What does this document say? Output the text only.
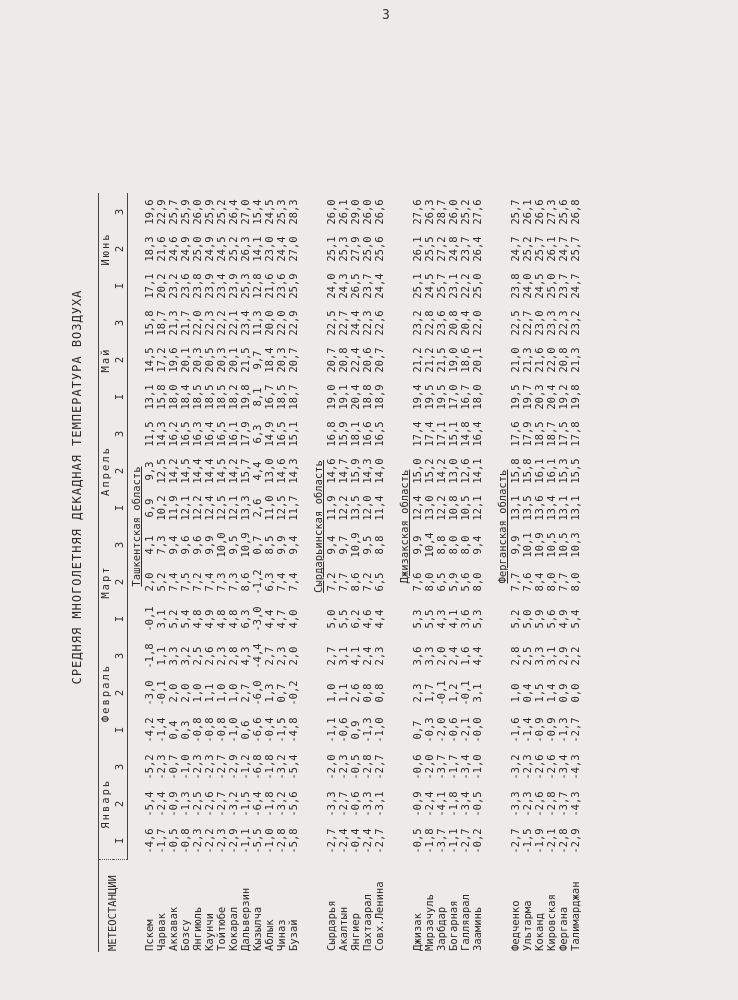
3
СРЕДНЯЯ МНОГОЛЕТНЯЯ ДЕКАДНАЯ ТЕМПЕРАТУРА ВОЗДУХА
МЕТЕОСТАНЦИИ	Январь			Февраль			Март			Апрель			Май			Июнь		
	I	2	3	I	2	3	I	2	3	I	2	3	I	2	3	I	2	3
	Ташкентская область																	
Пскем	-4,6	-5,4	-5,2	-4,2	-3,0	-1,8	-0,1	2,0	4,1	6,9	9,3	11,5	13,1	14,5	15,8	17,1	18,3	19,6
Чарвак	-1,7	-2,4	-2,3	-1,4	-0,1	1,1	3,1	5,2	7,3	10,2	12,5	14,3	15,8	17,2	18,7	20,2	21,6	22,9
Аккавак	-0,5	-0,9	-0,7	0,4	2,0	3,3	5,2	7,4	9,4	11,9	14,2	16,2	18,0	19,6	21,3	23,2	24,6	25,7
Бозсу	-0,8	-1,3	-1,0	0,3	2,0	3,2	5,4	7,5	9,6	12,1	14,5	16,5	18,4	20,1	21,7	23,6	24,9	25,9
Янгиюль	-2,3	-2,5	-2,3	-0,8	1,0	2,5	4,8	7,2	9,6	12,2	14,4	16,3	18,5	20,3	22,0	23,8	25,0	26,0
Каунчи	-2,2	-2,6	-2,3	-0,8	1,1	2,6	4,9	7,4	9,9	12,4	14,4	16,4	18,5	20,5	22,3	23,9	24,9	25,9
Тойтюбе	-2,3	-2,7	-2,7	-0,8	1,0	2,3	4,8	7,3	10,0	12,5	14,5	16,5	18,5	20,3	22,2	23,4	24,5	25,2
Кокарал	-2,9	-3,2	-2,9	-1,0	1,0	2,8	4,8	7,3	9,5	12,1	14,2	16,1	18,2	20,1	22,1	23,9	25,2	26,4
Дальверзин	-1,1	-1,5	-1,2	0,6	2,7	4,3	6,3	8,6	10,9	13,3	15,7	17,9	19,8	21,5	23,4	25,3	26,3	27,0
Кызылча	-5,5	-6,4	-6,8	-6,6	-6,0	-4,4	-3,0	-1,2	0,7	2,6	4,4	6,3	8,1	9,7	11,3	12,8	14,1	15,4
Аблык	-1,0	-1,8	-1,8	-0,4	1,3	2,7	4,4	6,3	8,5	11,0	13,0	14,9	16,7	18,4	20,0	21,6	23,0	24,5
Чиназ	-2,8	-3,2	-3,2	-1,5	0,7	2,3	4,7	7,4	9,9	12,5	14,6	16,5	18,5	20,3	22,0	23,6	24,4	25,3
Бузай	-5,8	-5,6	-5,4	-4,8	-0,2	2,0	4,0	7,4	9,4	11,7	14,3	15,1	18,7	20,7	22,9	25,9	27,0	28,3

	Сырдарьинская область																	
Сырдарья	-2,7	-3,3	-2,0	-1,1	1,0	2,7	5,0	7,2	9,4	11,9	14,6	16,8	19,0	20,7	22,5	24,0	25,1	26,0
Акалтын	-2,4	-2,7	-2,3	-0,6	1,1	3,1	5,5	7,7	9,7	12,2	14,7	15,9	19,1	20,8	22,7	24,3	25,3	26,1
Янгиер	-0,4	-0,6	-0,5	0,9	2,6	4,1	6,2	8,6	10,9	13,5	15,9	18,1	20,4	22,4	24,4	26,5	27,9	29,0
Пахтаарал	-2,4	-3,3	-2,8	-1,3	0,8	2,4	4,6	7,2	9,5	12,0	14,3	16,6	18,8	20,6	22,3	23,7	25,0	26,0
Совх.Ленина	-2,7	-3,1	-2,7	-1,0	0,8	2,3	4,4	6,5	8,8	11,4	14,0	16,5	18,9	20,7	22,6	24,4	25,6	26,6

	Джизакская область																	
Джизак	-0,5	-0,9	-0,6	0,7	2,3	3,6	5,3	7,6	9,9	12,4	15,0	17,4	19,4	21,2	23,2	25,1	26,1	27,6
Мирзачуль	-1,8	-2,4	-2,0	-0,3	1,7	3,3	5,5	8,0	10,4	13,0	15,2	17,4	19,5	21,2	22,8	24,5	25,5	26,3
Зарбдар	-3,7	-4,1	-3,7	-2,0	-0,1	2,0	4,3	6,5	8,8	12,2	14,2	17,1	19,5	21,5	23,6	25,7	27,2	28,7
Богарная	-1,1	-1,8	-1,7	-0,6	1,2	2,4	4,1	5,9	8,0	10,8	13,0	15,1	17,0	19,0	20,8	23,1	24,8	26,0
Галляарал	-2,7	-3,4	-3,4	-2,1	-0,1	1,6	3,6	5,6	8,0	10,5	12,6	14,8	16,7	18,6	20,4	22,2	23,7	25,2
Зааминь	-0,2	-0,5	-1,0	-0,0	3,1	4,4	5,3	8,0	9,4	12,1	14,1	16,4	18,0	20,1	22,0	25,0	26,4	27,6

	Ферганская область																	
Федченко	-2,7	-3,3	-3,2	-1,6	1,0	2,8	5,2	7,7	9,9	13,1	15,8	17,6	19,5	21,0	22,5	23,8	24,7	25,7
Ультарма	-1,5	-2,3	-2,3	-1,4	0,4	2,5	5,0	7,6	10,1	13,5	15,8	17,9	19,7	21,3	22,7	24,0	25,2	26,1
Коканд	-1,9	-2,6	-2,6	-0,9	1,5	3,3	5,9	8,4	10,9	13,6	16,1	18,5	20,3	21,6	23,0	24,5	25,7	26,6
Кировская	-2,1	-2,8	-2,6	-0,9	1,4	3,1	5,6	8,0	10,5	13,4	16,1	18,7	20,4	22,0	23,3	25,0	26,1	27,3
Фергана	-2,8	-3,7	-3,4	-1,3	0,9	2,9	4,9	7,7	10,5	13,1	15,3	17,5	19,2	20,8	22,3	23,7	24,7	25,6
Талимарджан	-2,9	-4,3	-4,3	-2,7	0,0	2,2	5,4	8,0	10,3	13,1	15,5	17,8	19,8	21,3	23,2	24,7	25,7	26,8
